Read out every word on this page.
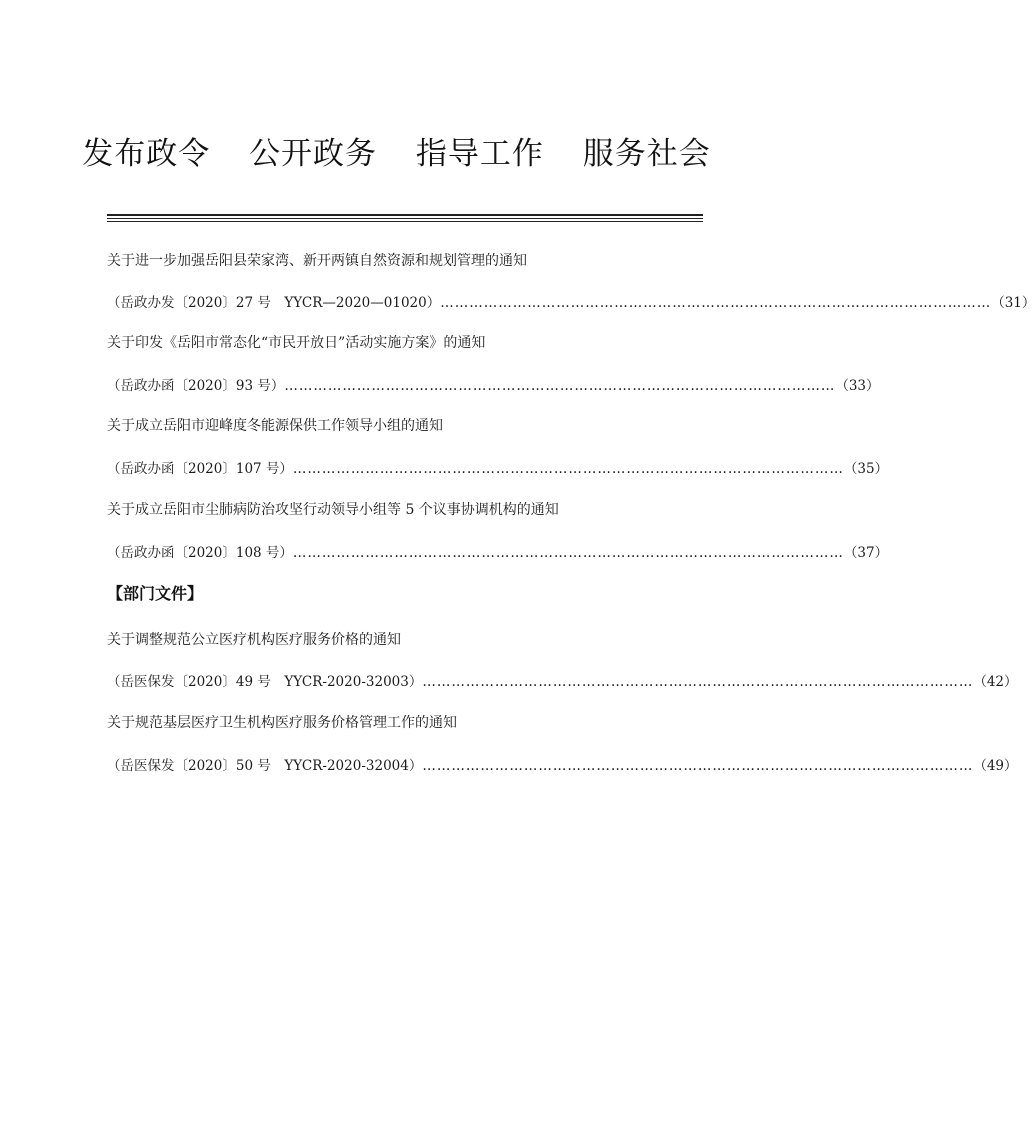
发布政令 公开政务 指导工作 服务社会
关于进一步加强岳阳县荣家湾、新开两镇自然资源和规划管理的通知
（岳政办发〔2020〕27 号　YYCR—2020—01020） …………………………………………………………………………………………………… （31）
关于印发《岳阳市常态化“市民开放日”活动实施方案》的通知
（岳政办函〔2020〕93 号） …………………………………………………………………………………………………… （33）
关于成立岳阳市迎峰度冬能源保供工作领导小组的通知
（岳政办函〔2020〕107 号） …………………………………………………………………………………………………… （35）
关于成立岳阳市尘肺病防治攻坚行动领导小组等 5 个议事协调机构的通知
（岳政办函〔2020〕108 号） …………………………………………………………………………………………………… （37）
【部门文件】
关于调整规范公立医疗机构医疗服务价格的通知
（岳医保发〔2020〕49 号　YYCR-2020-32003） …………………………………………………………………………………………………… （42）
关于规范基层医疗卫生机构医疗服务价格管理工作的通知
（岳医保发〔2020〕50 号　YYCR-2020-32004） …………………………………………………………………………………………………… （49）
